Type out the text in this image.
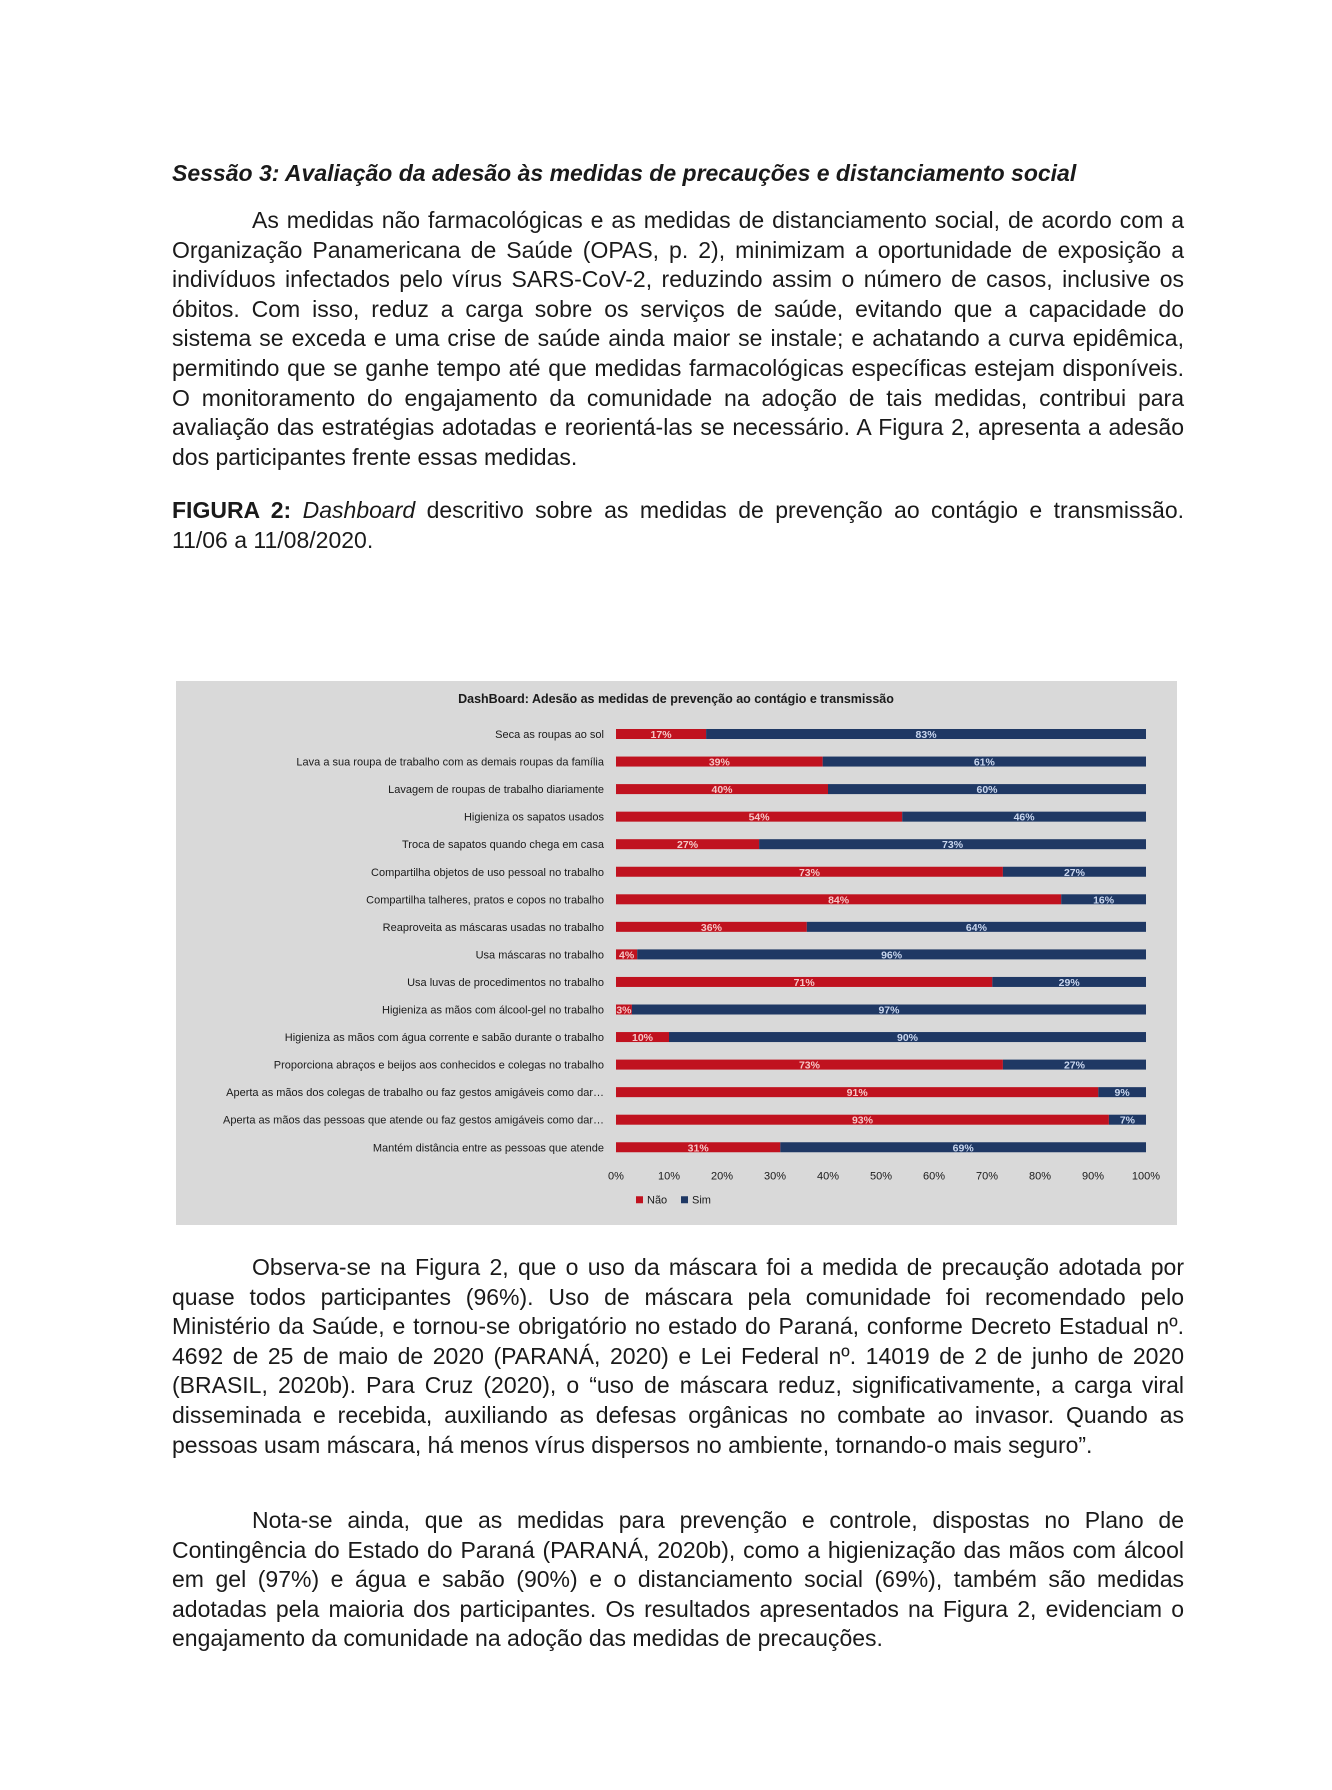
Sessão 3: Avaliação da adesão às medidas de precauções e distanciamento social

As medidas não farmacológicas e as medidas de distanciamento social, de acordo com a Organização Panamericana de Saúde (OPAS, p. 2), minimizam a oportunidade de exposição a indivíduos infectados pelo vírus SARS-CoV-2, reduzindo assim o número de casos, inclusive os óbitos. Com isso, reduz a carga sobre os serviços de saúde, evitando que a capacidade do sistema se exceda e uma crise de saúde ainda maior se instale; e achatando a curva epidêmica, permitindo que se ganhe tempo até que medidas farmacológicas específicas estejam disponíveis. O monitoramento do engajamento da comunidade na adoção de tais medidas, contribui para avaliação das estratégias adotadas e reorientá-las se necessário. A Figura 2, apresenta a adesão dos participantes frente essas medidas.

FIGURA 2: Dashboard descritivo sobre as medidas de prevenção ao contágio e transmissão. 11/06 a 11/08/2020.
DashBoard: Adesão as medidas de prevenção ao contágio e transmissão
Seca as roupas ao sol	17%	83%
Lava a sua roupa de trabalho com as demais roupas da família	39%	61%
Lavagem de roupas de trabalho diariamente	40%	60%
Higieniza os sapatos usados	54%	46%
Troca de sapatos quando chega em casa	27%	73%
Compartilha objetos de uso pessoal no trabalho	73%	27%
Compartilha talheres, pratos e copos no trabalho	84%	16%
Reaproveita as máscaras usadas no trabalho	36%	64%
Usa máscaras no trabalho 4%	96%
Usa luvas de procedimentos no trabalho	71%	29%
Higieniza as mãos com álcool-gel no trabalho 3%	97%
Higieniza as mãos com água corrente e sabão durante o trabalho	10%	90%
Proporciona abraços e beijos aos conhecidos e colegas no trabalho	73%	27%
Aperta as mãos dos colegas de trabalho ou faz gestos amigáveis como dar…	91%	9%
Aperta as mãos das pessoas que atende ou faz gestos amigáveis como dar…	93%	7%
Mantém distância entre as pessoas que atende	31%	69%
0%	10%	20%	30%	40%	50%	60%	70%	80%	90%	100%
Não Sim

Observa-se na Figura 2, que o uso da máscara foi a medida de precaução adotada por quase todos participantes (96%). Uso de máscara pela comunidade foi recomendado pelo Ministério da Saúde, e tornou-se obrigatório no estado do Paraná, conforme Decreto Estadual nº. 4692 de 25 de maio de 2020 (PARANÁ, 2020) e Lei Federal nº. 14019 de 2 de junho de 2020 (BRASIL, 2020b). Para Cruz (2020), o “uso de máscara reduz, significativamente, a carga viral disseminada e recebida, auxiliando as defesas orgânicas no combate ao invasor. Quando as pessoas usam máscara, há menos vírus dispersos no ambiente, tornando-o mais seguro”.

Nota-se ainda, que as medidas para prevenção e controle, dispostas no Plano de Contingência do Estado do Paraná (PARANÁ, 2020b), como a higienização das mãos com álcool em gel (97%) e água e sabão (90%) e o distanciamento social (69%), também são medidas adotadas pela maioria dos participantes. Os resultados apresentados na Figura 2, evidenciam o engajamento da comunidade na adoção das medidas de precauções.
